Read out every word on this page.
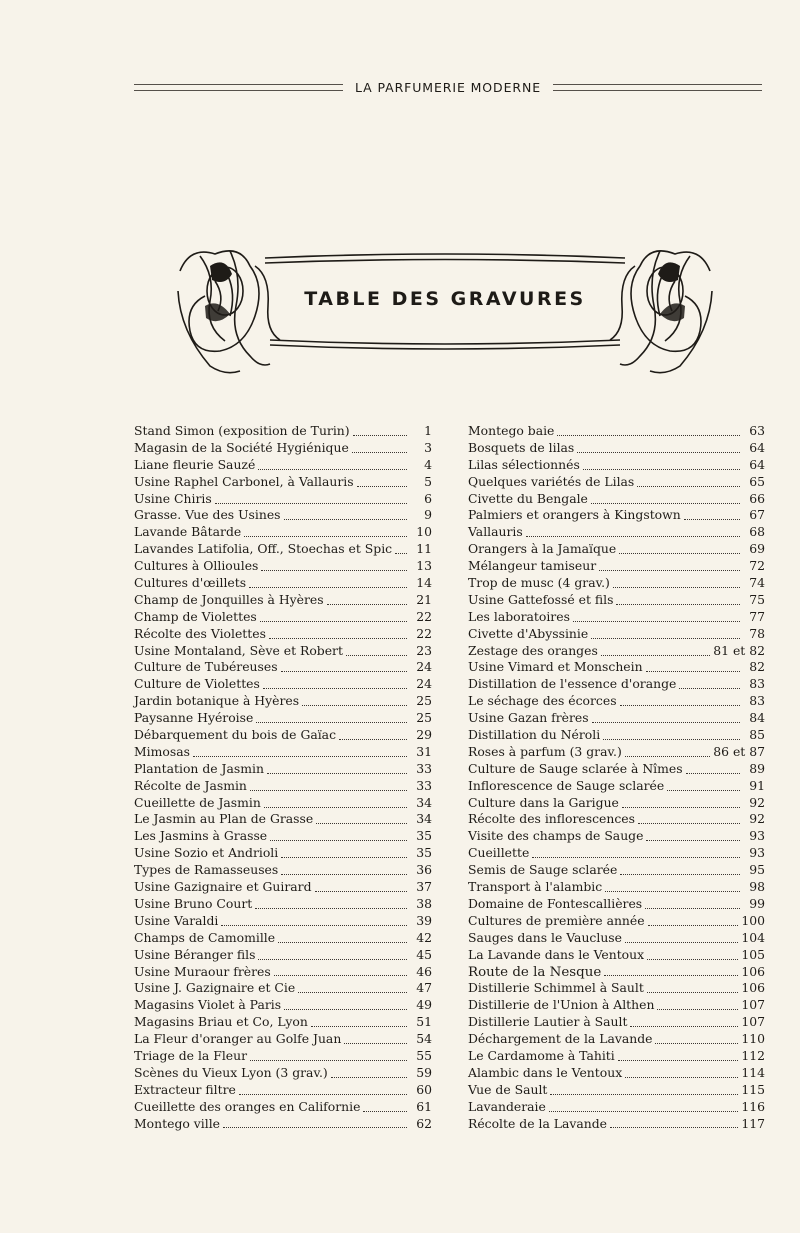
LA PARFUMERIE MODERNE
TABLE DES GRAVURES
Stand Simon (exposition de Turin)	1
Magasin de la Société Hygiénique	3
Liane fleurie Sauzé	4
Usine Raphel Carbonel, à Vallauris	5
Usine Chiris	6
Grasse. Vue des Usines	9
Lavande Bâtarde	10
Lavandes Latifolia, Off., Stoechas et Spic	11
Cultures à Ollioules	13
Cultures d'œillets	14
Champ de Jonquilles à Hyères	21
Champ de Violettes	22
Récolte des Violettes	22
Usine Montaland, Sève et Robert	23
Culture de Tubéreuses	24
Culture de Violettes	24
Jardin botanique à Hyères	25
Paysanne Hyéroise	25
Débarquement du bois de Gaïac	29
Mimosas	31
Plantation de Jasmin	33
Récolte de Jasmin	33
Cueillette de Jasmin	34
Le Jasmin au Plan de Grasse	34
Les Jasmins à Grasse	35
Usine Sozio et Andrioli	35
Types de Ramasseuses	36
Usine Gazignaire et Guirard	37
Usine Bruno Court	38
Usine Varaldi	39
Champs de Camomille	42
Usine Béranger fils	45
Usine Muraour frères	46
Usine J. Gazignaire et Cie	47
Magasins Violet à Paris	49
Magasins Briau et Co, Lyon	51
La Fleur d'oranger au Golfe Juan	54
Triage de la Fleur	55
Scènes du Vieux Lyon (3 grav.)	59
Extracteur filtre	60
Cueillette des oranges en Californie	61
Montego ville	62
Montego baie	63
Bosquets de lilas	64
Lilas sélectionnés	64
Quelques variétés de Lilas	65
Civette du Bengale	66
Palmiers et orangers à Kingstown	67
Vallauris	68
Orangers à la Jamaïque	69
Mélangeur tamiseur	72
Trop de musc (4 grav.)	74
Usine Gattefossé et fils	75
Les laboratoires	77
Civette d'Abyssinie	78
Zestage des oranges	81 et 82
Usine Vimard et Monschein	82
Distillation de l'essence d'orange	83
Le séchage des écorces	83
Usine Gazan frères	84
Distillation du Néroli	85
Roses à parfum (3 grav.)	86 et 87
Culture de Sauge sclarée à Nîmes	89
Inflorescence de Sauge sclarée	91
Culture dans la Garigue	92
Récolte des inflorescences	92
Visite des champs de Sauge	93
Cueillette	93
Semis de Sauge sclarée	95
Transport à l'alambic	98
Domaine de Fontescallières	99
Cultures de première année	100
Sauges dans le Vaucluse	104
La Lavande dans le Ventoux	105
Route de la Nesque	106
Distillerie Schimmel à Sault	106
Distillerie de l'Union à Althen	107
Distillerie Lautier à Sault	107
Déchargement de la Lavande	110
Le Cardamome à Tahiti	112
Alambic dans le Ventoux	114
Vue de Sault	115
Lavanderaie	116
Récolte de la Lavande	117
